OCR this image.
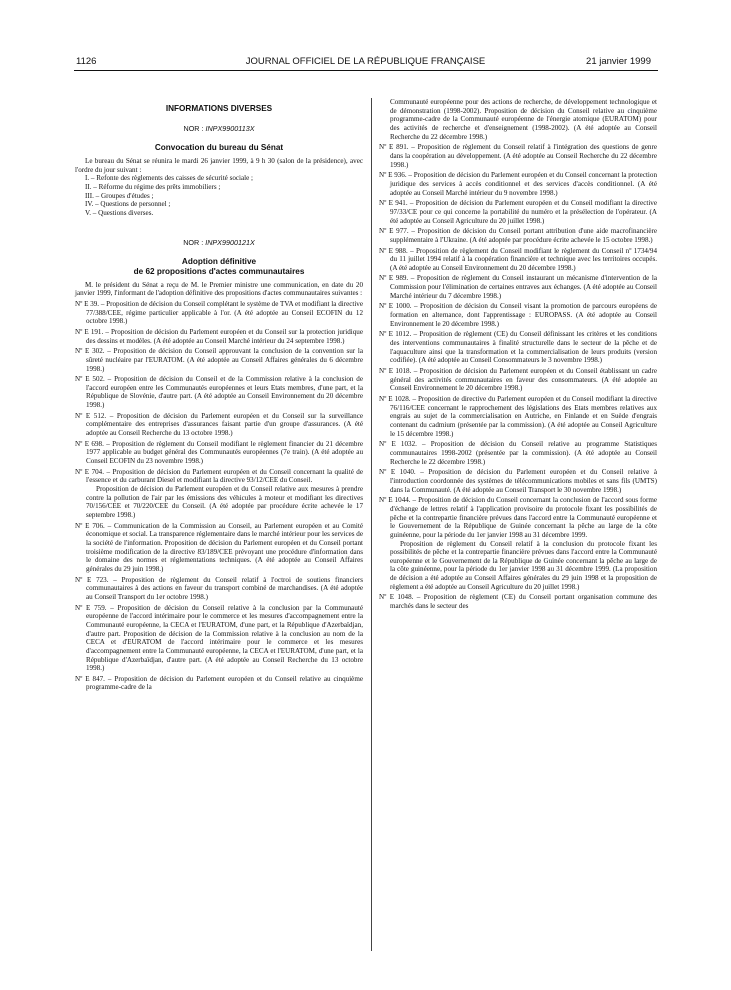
1126	JOURNAL OFFICIEL DE LA RÉPUBLIQUE FRANÇAISE	21 janvier 1999
INFORMATIONS DIVERSES
NOR : INPX9900113X
Convocation du bureau du Sénat
Le bureau du Sénat se réunira le mardi 26 janvier 1999, à 9 h 30 (salon de la présidence), avec l'ordre du jour suivant :
I. – Refonte des règlements des caisses de sécurité sociale ;
II. – Réforme du régime des prêts immobiliers ;
III. – Groupes d'études ;
IV. – Questions de personnel ;
V. – Questions diverses.
NOR : INPX9900121X
Adoption définitive
de 62 propositions d'actes communautaires
M. le président du Sénat a reçu de M. le Premier ministre une communication, en date du 20 janvier 1999, l'informant de l'adoption définitive des propositions d'actes communautaires suivantes :
Nº E 39. – Proposition de décision du Conseil complétant le système de TVA et modifiant la directive 77/388/CEE, régime particulier applicable à l'or. (A été adoptée au Conseil ECOFIN du 12 octobre 1998.)
Nº E 191. – Proposition de décision du Parlement européen et du Conseil sur la protection juridique des dessins et modèles. (A été adoptée au Conseil Marché intérieur du 24 septembre 1998.)
Nº E 302. – Proposition de décision du Conseil approuvant la conclusion de la convention sur la sûreté nucléaire par l'EURATOM. (A été adoptée au Conseil Affaires générales du 6 décembre 1998.)
Nº E 502. – Proposition de décision du Conseil et de la Commission relative à la conclusion de l'accord européen entre les Communautés européennes et leurs Etats membres, d'une part, et la République de Slovénie, d'autre part. (A été adoptée au Conseil Environnement du 20 décembre 1998.)
Nº E 512. – Proposition de décision du Parlement européen et du Conseil sur la surveillance complémentaire des entreprises d'assurances faisant partie d'un groupe d'assurances. (A été adoptée au Conseil Recherche du 13 octobre 1998.)
Nº E 698. – Proposition de règlement du Conseil modifiant le règlement financier du 21 décembre 1977 applicable au budget général des Communautés européennes (7e train). (A été adoptée au Conseil ECOFIN du 23 novembre 1998.)
Nº E 704. – Proposition de décision du Parlement européen et du Conseil concernant la qualité de l'essence et du carburant Diesel et modifiant la directive 93/12/CEE du Conseil.
Proposition de décision du Parlement européen et du Conseil relative aux mesures à prendre contre la pollution de l'air par les émissions des véhicules à moteur et modifiant les directives 70/156/CEE et 70/220/CEE du Conseil. (A été adoptée par procédure écrite achevée le 17 septembre 1998.)
Nº E 706. – Communication de la Commission au Conseil, au Parlement européen et au Comité économique et social. La transparence réglementaire dans le marché intérieur pour les services de la société de l'information. Proposition de décision du Parlement européen et du Conseil portant troisième modification de la directive 83/189/CEE prévoyant une procédure d'information dans le domaine des normes et réglementations techniques. (A été adoptée au Conseil Affaires générales du 29 juin 1998.)
Nº E 723. – Proposition de règlement du Conseil relatif à l'octroi de soutiens financiers communautaires à des actions en faveur du transport combiné de marchandises. (A été adoptée au Conseil Transport du 1er octobre 1998.)
Nº E 759. – Proposition de décision du Conseil relative à la conclusion par la Communauté européenne de l'accord intérimaire pour le commerce et les mesures d'accompagnement entre la Communauté européenne, la CECA et l'EURATOM, d'une part, et la République d'Azerbaïdjan, d'autre part. Proposition de décision de la Commission relative à la conclusion au nom de la CECA et d'EURATOM de l'accord intérimaire pour le commerce et les mesures d'accompagnement entre la Communauté européenne, la CECA et l'EURATOM, d'une part, et la République d'Azerbaïdjan, d'autre part. (A été adoptée au Conseil Recherche du 13 octobre 1998.)
Nº E 847. – Proposition de décision du Parlement européen et du Conseil relative au cinquième programme-cadre de la
Communauté européenne pour des actions de recherche, de développement technologique et de démonstration (1998-2002). Proposition de décision du Conseil relative au cinquième programme-cadre de la Communauté européenne de l'énergie atomique (EURATOM) pour des activités de recherche et d'enseignement (1998-2002). (A été adoptée au Conseil Recherche du 22 décembre 1998.)
Nº E 891. – Proposition de règlement du Conseil relatif à l'intégration des questions de genre dans la coopération au développement. (A été adoptée au Conseil Recherche du 22 décembre 1998.)
Nº E 936. – Proposition de décision du Parlement européen et du Conseil concernant la protection juridique des services à accès conditionnel et des services d'accès conditionnel. (A été adoptée au Conseil Marché intérieur du 9 novembre 1998.)
Nº E 941. – Proposition de décision du Parlement européen et du Conseil modifiant la directive 97/33/CE pour ce qui concerne la portabilité du numéro et la présélection de l'opérateur. (A été adoptée au Conseil Agriculture du 20 juillet 1998.)
Nº E 977. – Proposition de décision du Conseil portant attribution d'une aide macrofinancière supplémentaire à l'Ukraine. (A été adoptée par procédure écrite achevée le 15 octobre 1998.)
Nº E 988. – Proposition de règlement du Conseil modifiant le règlement du Conseil nº 1734/94 du 11 juillet 1994 relatif à la coopération financière et technique avec les territoires occupés. (A été adoptée au Conseil Environnement du 20 décembre 1998.)
Nº E 989. – Proposition de règlement du Conseil instaurant un mécanisme d'intervention de la Commission pour l'élimination de certaines entraves aux échanges. (A été adoptée au Conseil Marché intérieur du 7 décembre 1998.)
Nº E 1000. – Proposition de décision du Conseil visant la promotion de parcours européens de formation en alternance, dont l'apprentissage : EUROPASS. (A été adoptée au Conseil Environnement le 20 décembre 1998.)
Nº E 1012. – Proposition de règlement (CE) du Conseil définissant les critères et les conditions des interventions communautaires à finalité structurelle dans le secteur de la pêche et de l'aquaculture ainsi que la transformation et la commercialisation de leurs produits (version codifiée). (A été adoptée au Conseil Consommateurs le 3 novembre 1998.)
Nº E 1018. – Proposition de décision du Parlement européen et du Conseil établissant un cadre général des activités communautaires en faveur des consommateurs. (A été adoptée au Conseil Environnement le 20 décembre 1998.)
Nº E 1028. – Proposition de directive du Parlement européen et du Conseil modifiant la directive 76/116/CEE concernant le rapprochement des législations des Etats membres relatives aux engrais au sujet de la commercialisation en Autriche, en Finlande et en Suède d'engrais contenant du cadmium (présentée par la commission). (A été adoptée au Conseil Agriculture le 15 décembre 1998.)
Nº E 1032. – Proposition de décision du Conseil relative au programme Statistiques communautaires 1998-2002 (présentée par la commission). (A été adoptée au Conseil Recherche le 22 décembre 1998.)
Nº E 1040. – Proposition de décision du Parlement européen et du Conseil relative à l'introduction coordonnée des systèmes de télécommunications mobiles et sans fils (UMTS) dans la Communauté. (A été adoptée au Conseil Transport le 30 novembre 1998.)
Nº E 1044. – Proposition de décision du Conseil concernant la conclusion de l'accord sous forme d'échange de lettres relatif à l'application provisoire du protocole fixant les possibilités de pêche et la contrepartie financière prévues dans l'accord entre la Communauté européenne et le Gouvernement de la République de Guinée concernant la pêche au large de la côte guinéenne, pour la période du 1er janvier 1998 au 31 décembre 1999.
Proposition de règlement du Conseil relatif à la conclusion du protocole fixant les possibilités de pêche et la contrepartie financière prévues dans l'accord entre la Communauté européenne et le Gouvernement de la République de Guinée concernant la pêche au large de la côte guinéenne, pour la période du 1er janvier 1998 au 31 décembre 1999. (La proposition de décision a été adoptée au Conseil Affaires générales du 29 juin 1998 et la proposition de règlement a été adoptée au Conseil Agriculture du 20 juillet 1998.)
Nº E 1048. – Proposition de règlement (CE) du Conseil portant organisation commune des marchés dans le secteur des
